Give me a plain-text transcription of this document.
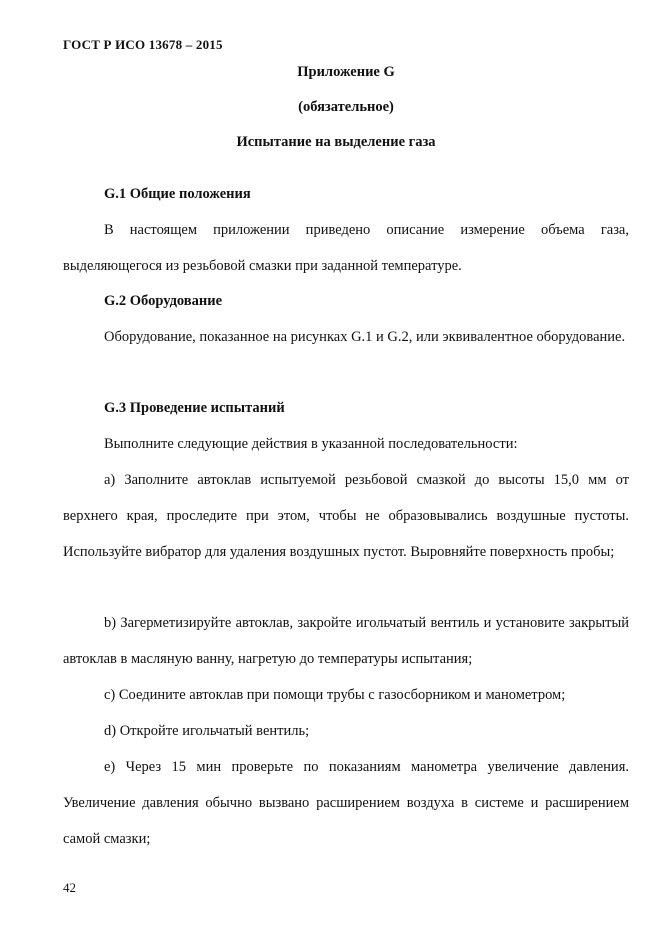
ГОСТ Р ИСО 13678 – 2015
Приложение G
(обязательное)
Испытание на выделение газа

G.1 Общие положения

В настоящем приложении приведено описание измерение объема газа, выделяющегося из резьбовой смазки при заданной температуре.

G.2 Оборудование

Оборудование, показанное на рисунках G.1 и G.2, или эквивалентное оборудование.

G.3 Проведение испытаний

Выполните следующие действия в указанной последовательности:

a) Заполните автоклав испытуемой резьбовой смазкой до высоты 15,0 мм от верхнего края, проследите при этом, чтобы не образовывались воздушные пустоты. Используйте вибратор для удаления воздушных пустот. Выровняйте поверхность пробы;

b) Загерметизируйте автоклав, закройте игольчатый вентиль и установите закрытый автоклав в масляную ванну, нагретую до температуры испытания;

c) Соедините автоклав при помощи трубы с газосборником и манометром;

d) Откройте игольчатый вентиль;

e) Через 15 мин проверьте по показаниям манометра увеличение давления. Увеличение давления обычно вызвано расширением воздуха в системе и расширением самой смазки;

42
